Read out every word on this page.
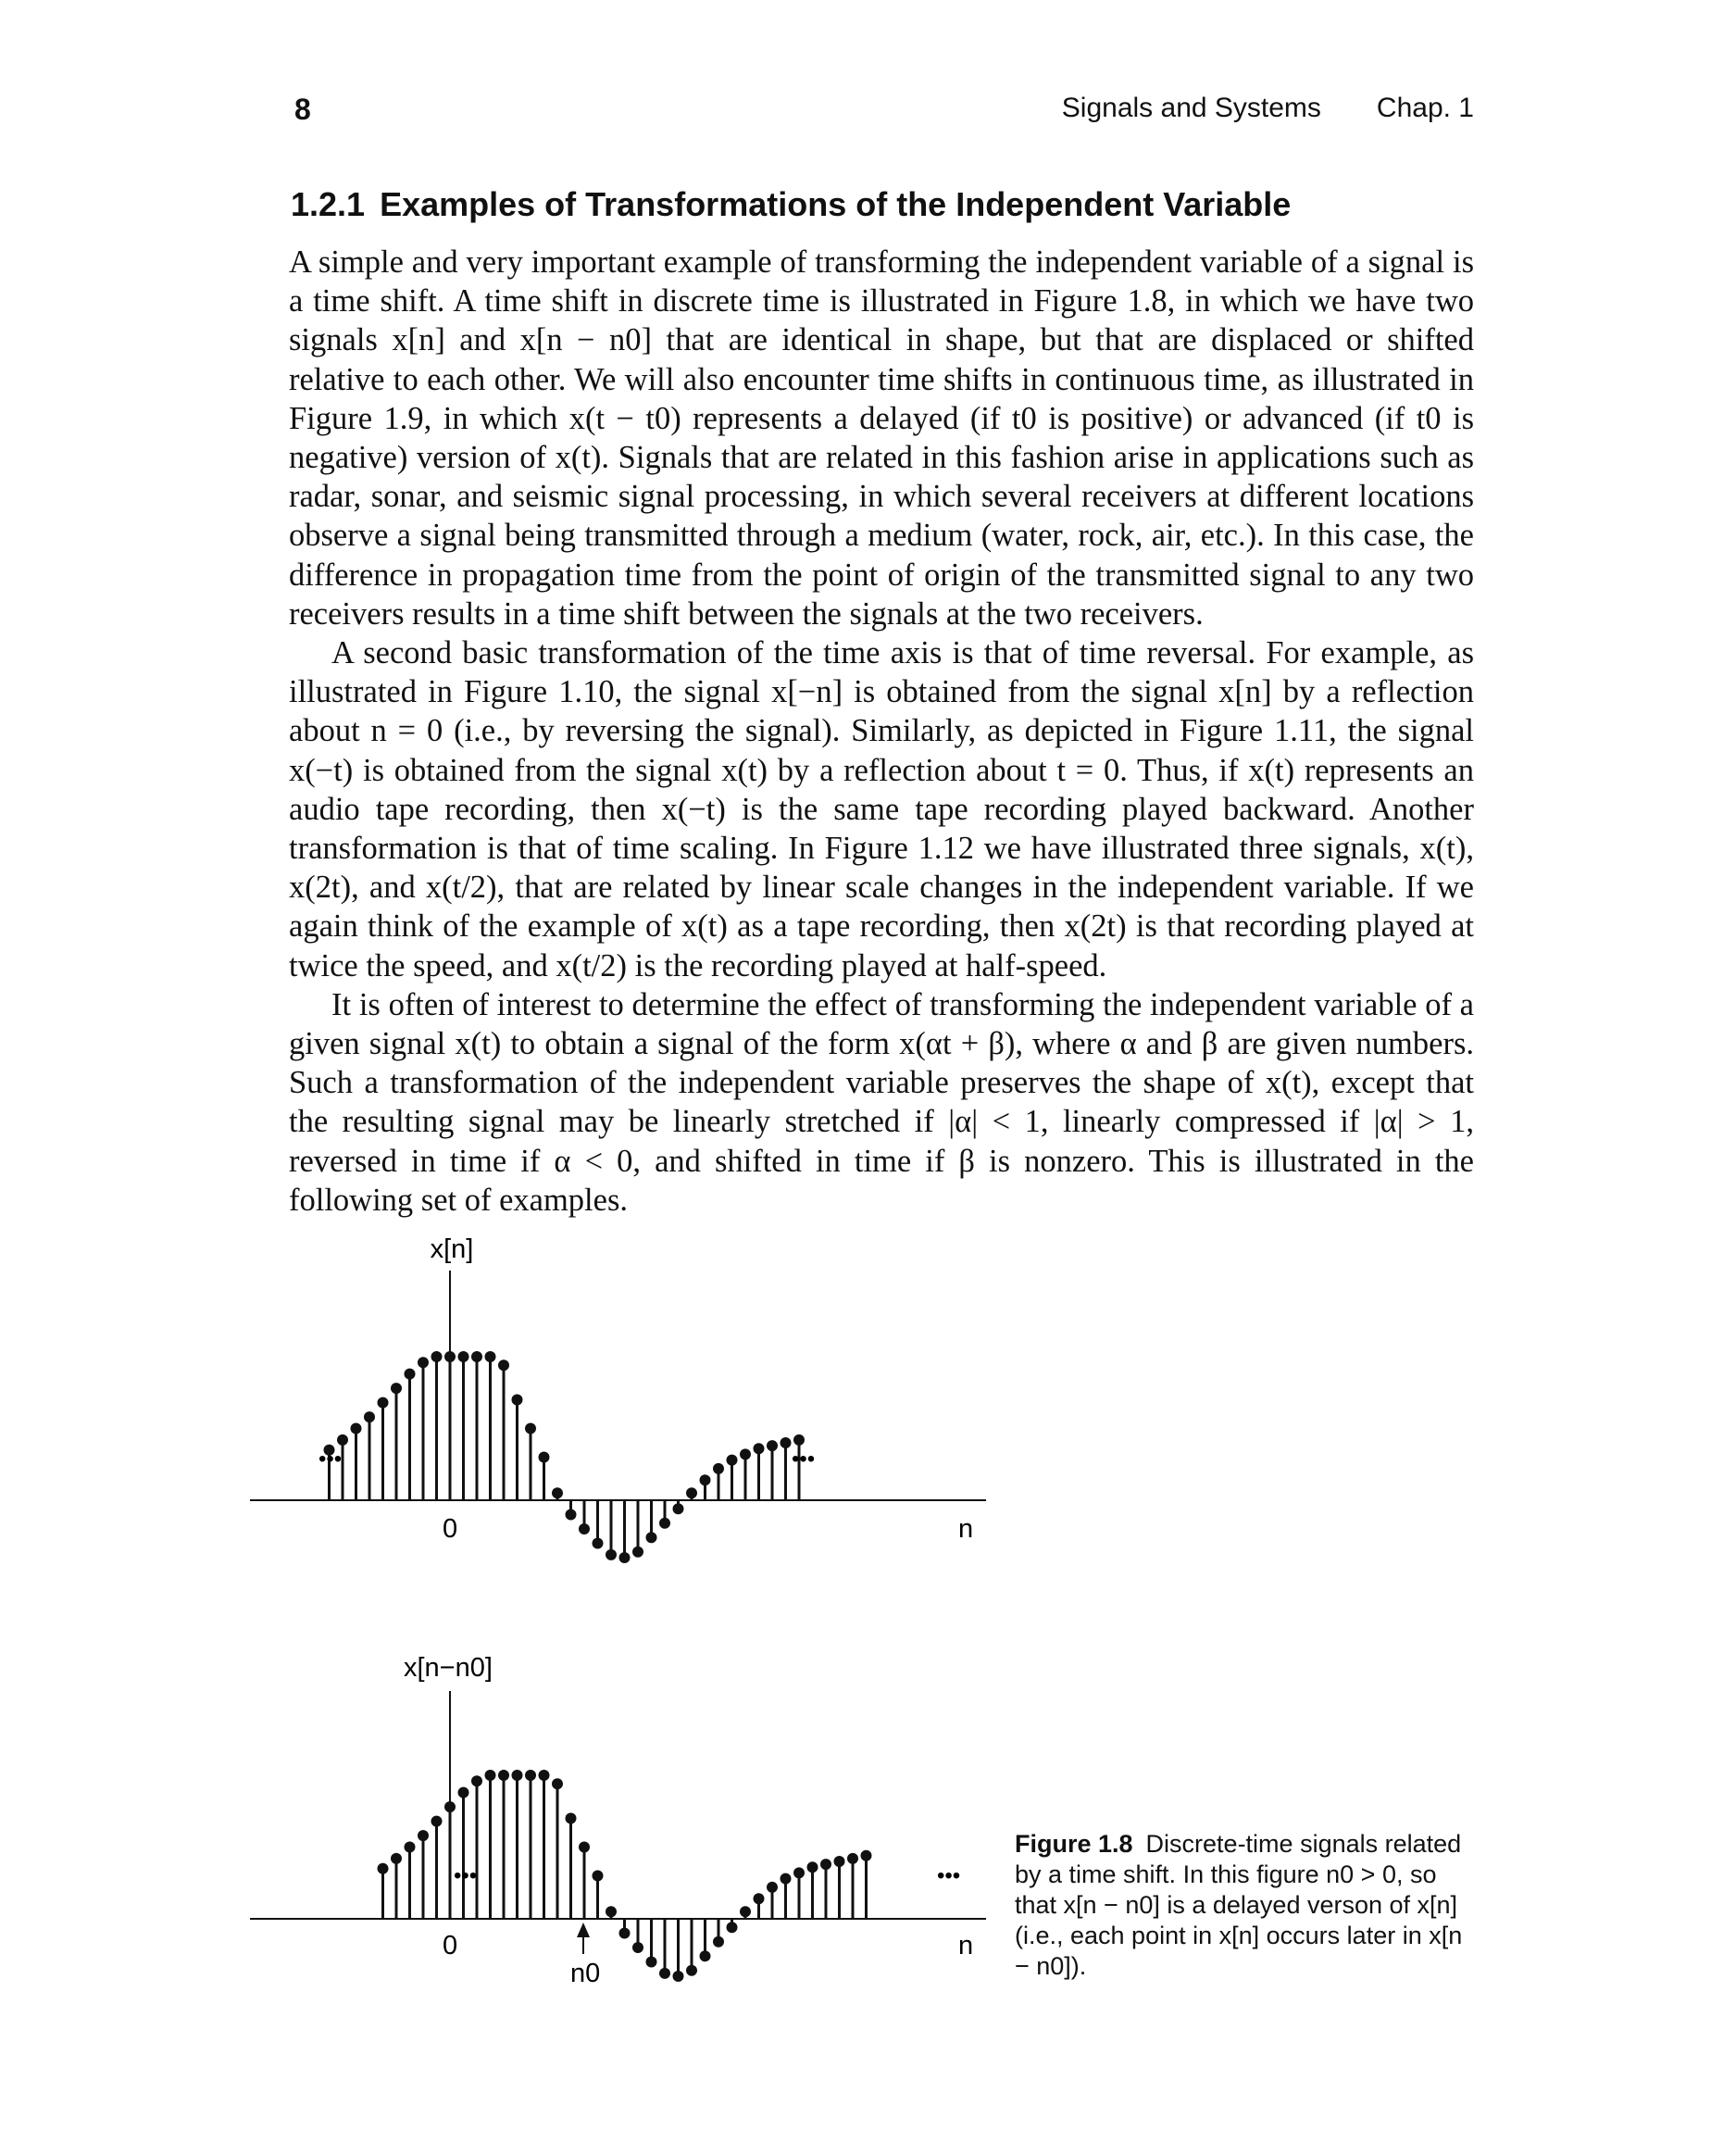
8	Signals and Systems Chap. 1
1.2.1 Examples of Transformations of the Independent Variable

A simple and very important example of transforming the independent variable of a signal is a time shift. A time shift in discrete time is illustrated in Figure 1.8, in which we have two signals x[n] and x[n − n0] that are identical in shape, but that are displaced or shifted relative to each other. We will also encounter time shifts in continuous time, as illustrated in Figure 1.9, in which x(t − t0) represents a delayed (if t0 is positive) or advanced (if t0 is negative) version of x(t). Signals that are related in this fashion arise in applications such as radar, sonar, and seismic signal processing, in which several receivers at different locations observe a signal being transmitted through a medium (water, rock, air, etc.). In this case, the difference in propagation time from the point of origin of the transmitted signal to any two receivers results in a time shift between the signals at the two receivers.

A second basic transformation of the time axis is that of time reversal. For example, as illustrated in Figure 1.10, the signal x[−n] is obtained from the signal x[n] by a reflection about n = 0 (i.e., by reversing the signal). Similarly, as depicted in Figure 1.11, the signal x(−t) is obtained from the signal x(t) by a reflection about t = 0. Thus, if x(t) represents an audio tape recording, then x(−t) is the same tape recording played backward. Another transformation is that of time scaling. In Figure 1.12 we have illustrated three signals, x(t), x(2t), and x(t/2), that are related by linear scale changes in the independent variable. If we again think of the example of x(t) as a tape recording, then x(2t) is that recording played at twice the speed, and x(t/2) is the recording played at half-speed.

It is often of interest to determine the effect of transforming the independent variable of a given signal x(t) to obtain a signal of the form x(αt + β), where α and β are given numbers. Such a transformation of the independent variable preserves the shape of x(t), except that the resulting signal may be linearly stretched if |α| < 1, linearly compressed if |α| > 1, reversed in time if α < 0, and shifted in time if β is nonzero. This is illustrated in the following set of examples.

x[n]
•••	•••
0	n
x[n−n0]
•••	•••
0
n0
n
Figure 1.8 Discrete-time signals related by a time shift. In this figure n0 > 0, so that x[n − n0] is a delayed verson of x[n] (i.e., each point in x[n] occurs later in x[n − n0]).
